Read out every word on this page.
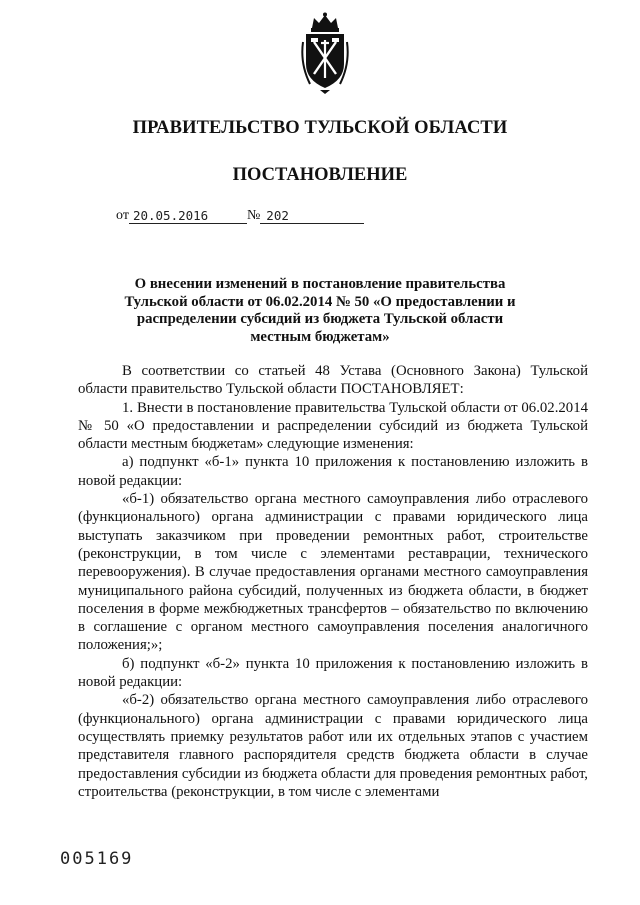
ПРАВИТЕЛЬСТВО ТУЛЬСКОЙ ОБЛАСТИ
ПОСТАНОВЛЕНИЕ
от 20.05.2016	№ 202
О внесении изменений в постановление правительства
Тульской области от 06.02.2014 № 50 «О предоставлении и
распределении субсидий из бюджета Тульской области
местным бюджетам»

В соответствии со статьей 48 Устава (Основного Закона) Тульской области правительство Тульской области ПОСТАНОВЛЯЕТ:

1. Внести в постановление правительства Тульской области от 06.02.2014 № 50 «О предоставлении и распределении субсидий из бюджета Тульской области местным бюджетам» следующие изменения:

а) подпункт «б-1» пункта 10 приложения к постановлению изложить в новой редакции:

«б-1) обязательство органа местного самоуправления либо отраслевого (функционального) органа администрации с правами юридического лица выступать заказчиком при проведении ремонтных работ, строительстве (реконструкции, в том числе с элементами реставрации, технического перевооружения). В случае предоставления органами местного самоуправления муниципального района субсидий, полученных из бюджета области, в бюджет поселения в форме межбюджетных трансфертов – обязательство по включению в соглашение с органом местного самоуправления поселения аналогичного положения;»;

б) подпункт «б-2» пункта 10 приложения к постановлению изложить в новой редакции:

«б-2) обязательство органа местного самоуправления либо отраслевого (функционального) органа администрации с правами юридического лица осуществлять приемку результатов работ или их отдельных этапов с участием представителя главного распорядителя средств бюджета области в случае предоставления субсидии из бюджета области для проведения ремонтных работ, строительства (реконструкции, в том числе с элементами

005169
